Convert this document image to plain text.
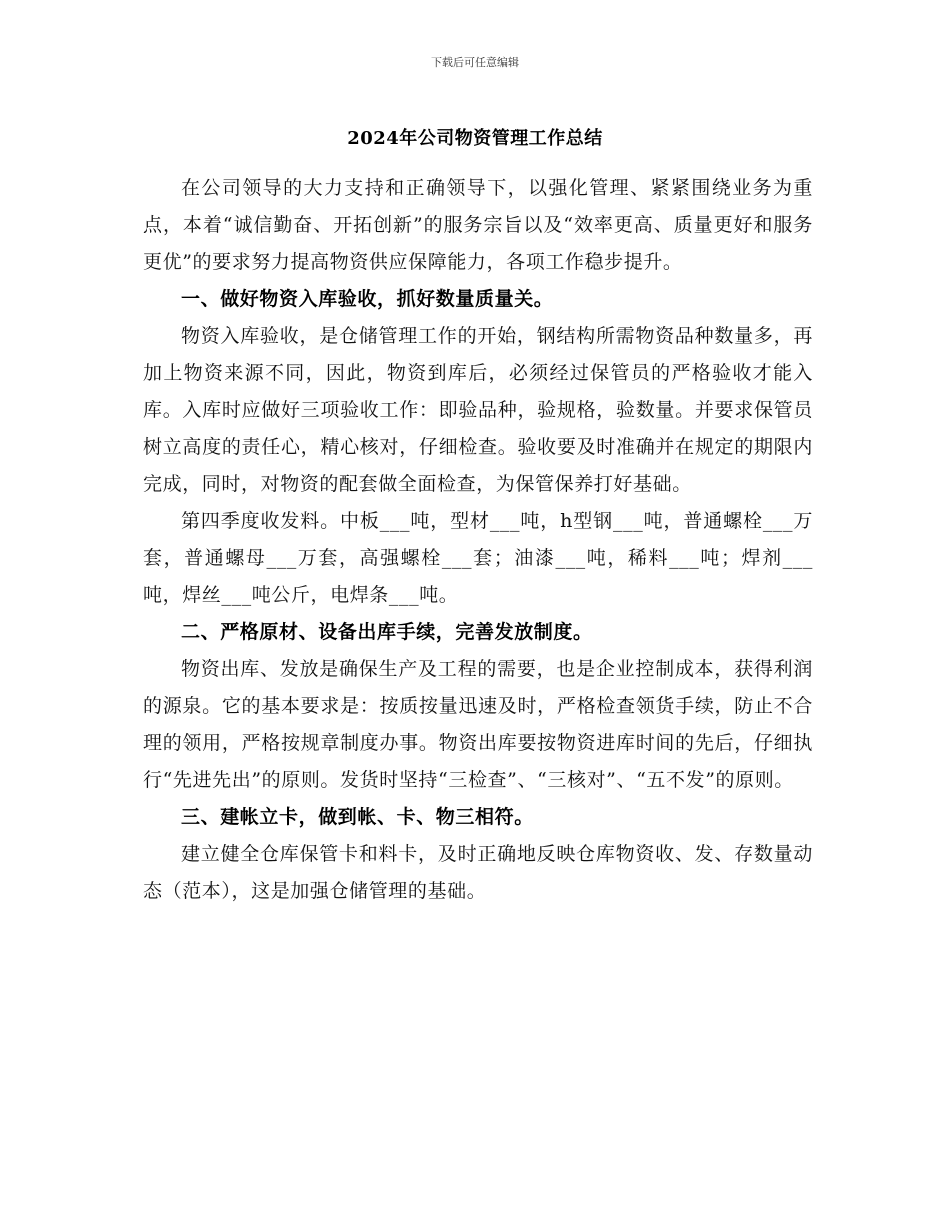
下载后可任意编辑
2024年公司物资管理工作总结

在公司领导的大力支持和正确领导下，以强化管理、紧紧围绕业务为重点，本着“诚信勤奋、开拓创新”的服务宗旨以及“效率更高、质量更好和服务更优”的要求努力提高物资供应保障能力，各项工作稳步提升。

一、做好物资入库验收，抓好数量质量关。

物资入库验收，是仓储管理工作的开始，钢结构所需物资品种数量多，再加上物资来源不同，因此，物资到库后，必须经过保管员的严格验收才能入库。入库时应做好三项验收工作：即验品种，验规格，验数量。并要求保管员树立高度的责任心，精心核对，仔细检查。验收要及时准确并在规定的期限内完成，同时，对物资的配套做全面检查，为保管保养打好基础。

第四季度收发料。中板___吨，型材___吨，h型钢___吨，普通螺栓___万套，普通螺母___万套，高强螺栓___套；油漆___吨，稀料___吨；焊剂___吨，焊丝___吨公斤，电焊条___吨。

二、严格原材、设备出库手续，完善发放制度。

物资出库、发放是确保生产及工程的需要，也是企业控制成本，获得利润的源泉。它的基本要求是：按质按量迅速及时，严格检查领货手续，防止不合理的领用，严格按规章制度办事。物资出库要按物资进库时间的先后，仔细执行“先进先出”的原则。发货时坚持“三检查”、“三核对”、“五不发”的原则。

三、建帐立卡，做到帐、卡、物三相符。

建立健全仓库保管卡和料卡，及时正确地反映仓库物资收、发、存数量动态（范本），这是加强仓储管理的基础。
